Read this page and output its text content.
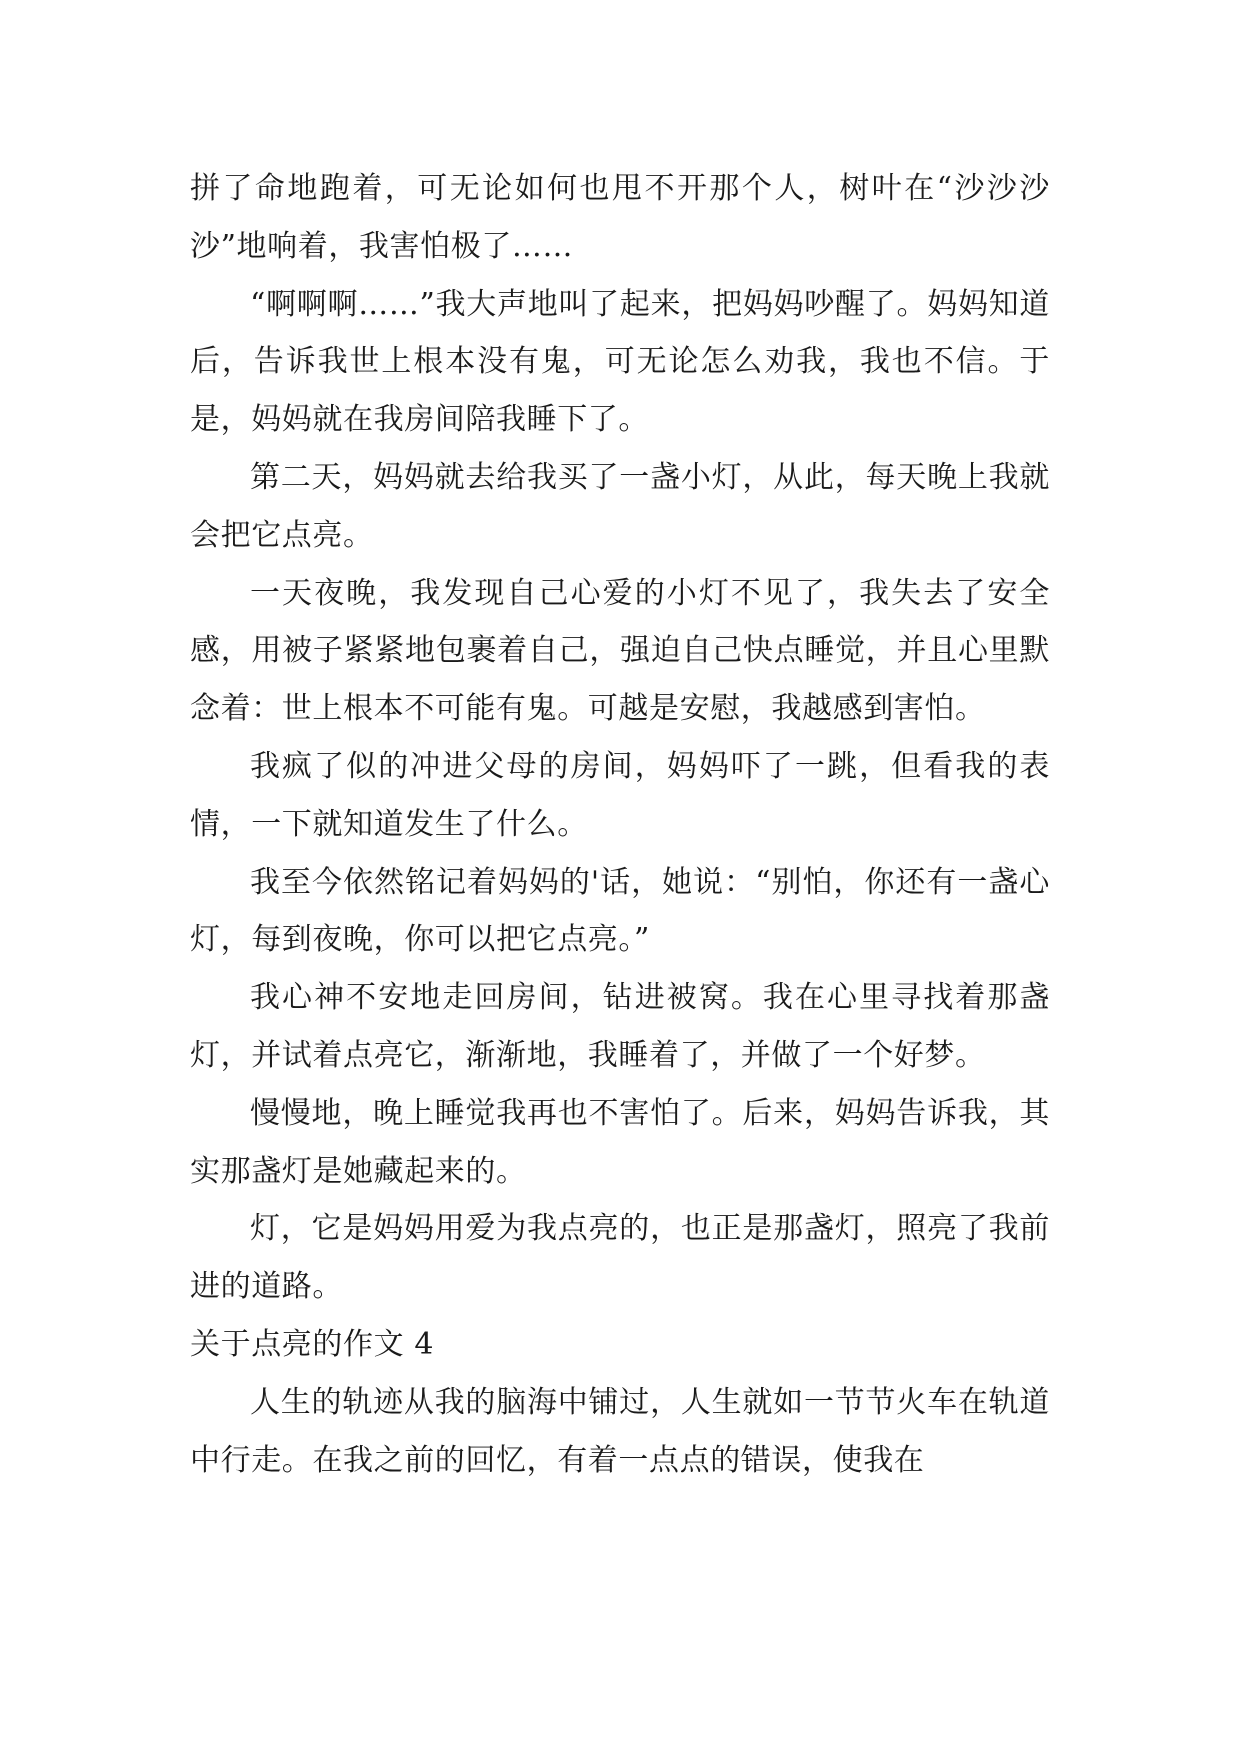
拼了命地跑着，可无论如何也甩不开那个人，树叶在“沙沙沙沙”地响着，我害怕极了……

“啊啊啊……”我大声地叫了起来，把妈妈吵醒了。妈妈知道后，告诉我世上根本没有鬼，可无论怎么劝我，我也不信。于是，妈妈就在我房间陪我睡下了。

第二天，妈妈就去给我买了一盏小灯，从此，每天晚上我就会把它点亮。

一天夜晚，我发现自己心爱的小灯不见了，我失去了安全感，用被子紧紧地包裹着自己，强迫自己快点睡觉，并且心里默念着：世上根本不可能有鬼。可越是安慰，我越感到害怕。

我疯了似的冲进父母的房间，妈妈吓了一跳，但看我的表情，一下就知道发生了什么。

我至今依然铭记着妈妈的'话，她说：“别怕，你还有一盏心灯，每到夜晚，你可以把它点亮。”

我心神不安地走回房间，钻进被窝。我在心里寻找着那盏灯，并试着点亮它，渐渐地，我睡着了，并做了一个好梦。

慢慢地，晚上睡觉我再也不害怕了。后来，妈妈告诉我，其实那盏灯是她藏起来的。

灯，它是妈妈用爱为我点亮的，也正是那盏灯，照亮了我前进的道路。

关于点亮的作文 4

人生的轨迹从我的脑海中铺过，人生就如一节节火车在轨道中行走。在我之前的回忆，有着一点点的错误，使我在
